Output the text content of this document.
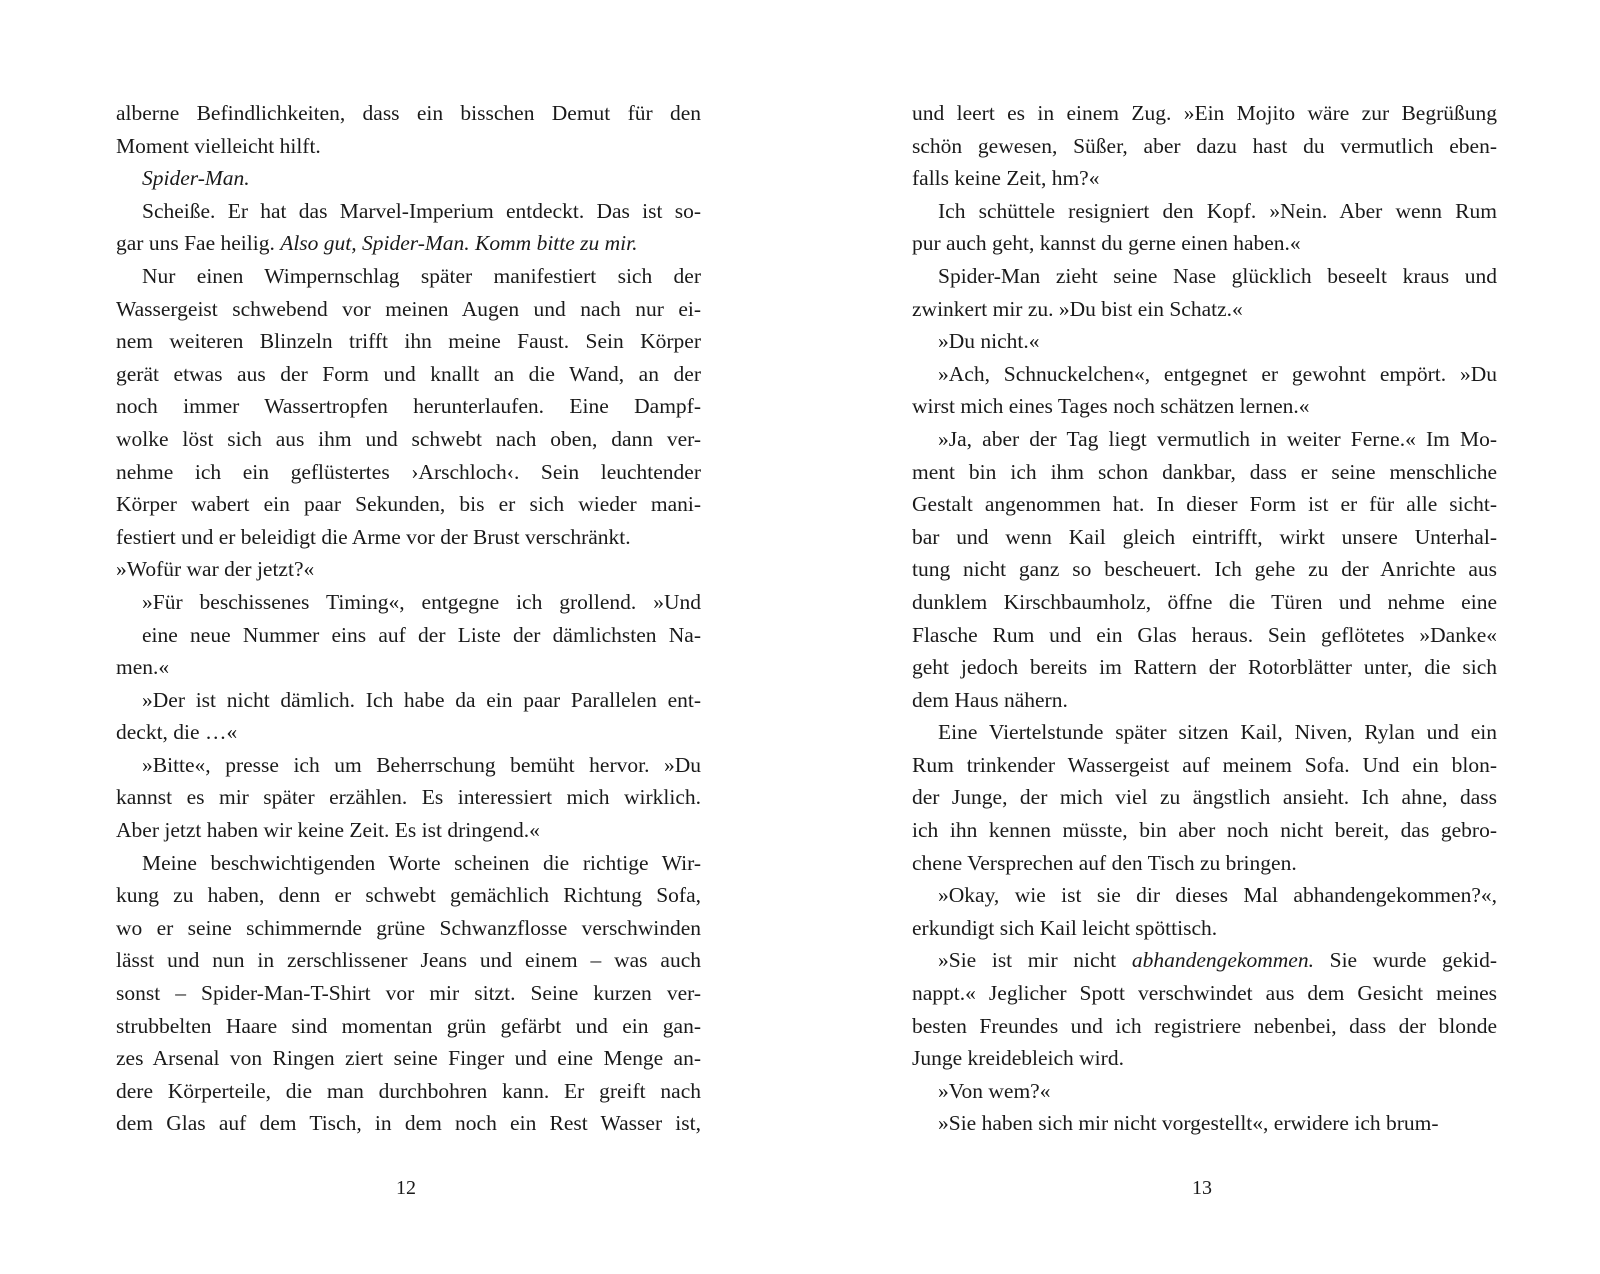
alberne Befindlichkeiten, dass ein bisschen Demut für den
Moment vielleicht hilft.
Spider-Man.
Scheiße. Er hat das Marvel-Imperium entdeckt. Das ist so-
gar uns Fae heilig. Also gut, Spider-Man. Komm bitte zu mir.
Nur einen Wimpernschlag später manifestiert sich der
Wassergeist schwebend vor meinen Augen und nach nur ei-
nem weiteren Blinzeln trifft ihn meine Faust. Sein Körper
gerät etwas aus der Form und knallt an die Wand, an der
noch immer Wassertropfen herunterlaufen. Eine Dampf-
wolke löst sich aus ihm und schwebt nach oben, dann ver-
nehme ich ein geflüstertes ›Arschloch‹. Sein leuchtender
Körper wabert ein paar Sekunden, bis er sich wieder mani-
festiert und er beleidigt die Arme vor der Brust verschränkt.
»Wofür war der jetzt?«
»Für beschissenes Timing«, entgegne ich grollend. »Und
eine neue Nummer eins auf der Liste der dämlichsten Na-
men.«
»Der ist nicht dämlich. Ich habe da ein paar Parallelen ent-
deckt, die …«
»Bitte«, presse ich um Beherrschung bemüht hervor. »Du
kannst es mir später erzählen. Es interessiert mich wirklich.
Aber jetzt haben wir keine Zeit. Es ist dringend.«
Meine beschwichtigenden Worte scheinen die richtige Wir-
kung zu haben, denn er schwebt gemächlich Richtung Sofa,
wo er seine schimmernde grüne Schwanzflosse verschwinden
lässt und nun in zerschlissener Jeans und einem – was auch
sonst – Spider-Man-T-Shirt vor mir sitzt. Seine kurzen ver-
strubbelten Haare sind momentan grün gefärbt und ein gan-
zes Arsenal von Ringen ziert seine Finger und eine Menge an-
dere Körperteile, die man durchbohren kann. Er greift nach
dem Glas auf dem Tisch, in dem noch ein Rest Wasser ist,
12
und leert es in einem Zug. »Ein Mojito wäre zur Begrüßung
schön gewesen, Süßer, aber dazu hast du vermutlich eben-
falls keine Zeit, hm?«
Ich schüttele resigniert den Kopf. »Nein. Aber wenn Rum
pur auch geht, kannst du gerne einen haben.«
Spider-Man zieht seine Nase glücklich beseelt kraus und
zwinkert mir zu. »Du bist ein Schatz.«
»Du nicht.«
»Ach, Schnuckelchen«, entgegnet er gewohnt empört. »Du
wirst mich eines Tages noch schätzen lernen.«
»Ja, aber der Tag liegt vermutlich in weiter Ferne.« Im Mo-
ment bin ich ihm schon dankbar, dass er seine menschliche
Gestalt angenommen hat. In dieser Form ist er für alle sicht-
bar und wenn Kail gleich eintrifft, wirkt unsere Unterhal-
tung nicht ganz so bescheuert. Ich gehe zu der Anrichte aus
dunklem Kirschbaumholz, öffne die Türen und nehme eine
Flasche Rum und ein Glas heraus. Sein geflötetes »Danke«
geht jedoch bereits im Rattern der Rotorblätter unter, die sich
dem Haus nähern.
Eine Viertelstunde später sitzen Kail, Niven, Rylan und ein
Rum trinkender Wassergeist auf meinem Sofa. Und ein blon-
der Junge, der mich viel zu ängstlich ansieht. Ich ahne, dass
ich ihn kennen müsste, bin aber noch nicht bereit, das gebro-
chene Versprechen auf den Tisch zu bringen.
»Okay, wie ist sie dir dieses Mal abhandengekommen?«,
erkundigt sich Kail leicht spöttisch.
»Sie ist mir nicht abhandengekommen. Sie wurde gekid-
nappt.« Jeglicher Spott verschwindet aus dem Gesicht meines
besten Freundes und ich registriere nebenbei, dass der blonde
Junge kreidebleich wird.
»Von wem?«
»Sie haben sich mir nicht vorgestellt«, erwidere ich brum-
13
